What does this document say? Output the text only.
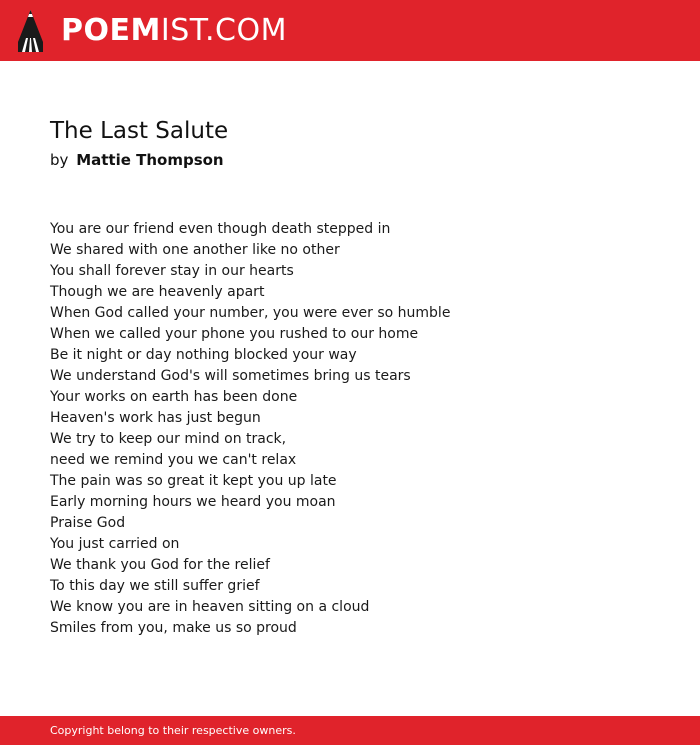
POEMIST.COM
The Last Salute
by Mattie Thompson
You are our friend even though death stepped in
We shared with one another like no other
You shall forever stay in our hearts
Though we are heavenly apart
When God called your number, you were ever so humble
When we called your phone you rushed to our home
Be it night or day nothing blocked your way
We understand God's will sometimes bring us tears
Your works on earth has been done
Heaven's work has just begun
We try to keep our mind on track,
need we remind you we can't relax
The pain was so great it kept you up late
Early morning hours we heard you moan
Praise God
You just carried on
We thank you God for the relief
To this day we still suffer grief
We know you are in heaven sitting on a cloud
Smiles from you, make us so proud
Copyright belong to their respective owners.
